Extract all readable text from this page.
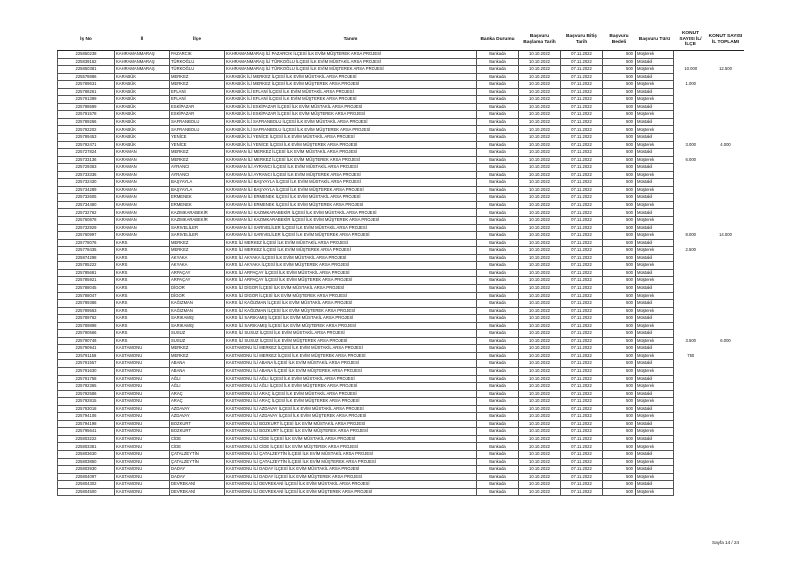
İş No	İl	İlçe	Tanım	Banka Durumu	Başvuru Başlama Tarih	Başvuru Bitiş Tarih	Başvuru Bedeli	Başvuru Türü	KONUT SAYISI İL/İLÇE	KONUT SAYISI İL TOPLAMI
225850238	KAHRAMANMARAŞ	PAZARCIK	KAHRAMANMARAŞ İLİ PAZARCIK İLÇESİ İLK EVİM MÜŞTEREK ARSA PROJESİ	Bankada	10.10.2022	07.11.2022	500	Müşterek		
225839162	KAHRAMANMARAŞ	TÜRKOĞLU	KAHRAMANMARAŞ İLİ TÜRKOĞLU İLÇESİ İLK EVİM MÜSTAKİL ARSA PROJESİ	Bankada	10.10.2022	07.11.2022	500	Müstakil		
225850381	KAHRAMANMARAŞ	TÜRKOĞLU	KAHRAMANMARAŞ İLİ TÜRKOĞLU İLÇESİ İLK EVİM MÜŞTEREK ARSA PROJESİ	Bankada	10.10.2022	07.11.2022	500	Müşterek	10.000	12.500
225578886	KARABÜK	MERKEZ	KARABÜK İLİ MERKEZ İLÇESİ İLK EVİM MÜSTAKİL ARSA PROJESİ	Bankada	10.10.2022	07.11.2022	500	Müstakil		
225789631	KARABÜK	MERKEZ	KARABÜK İLİ MERKEZ İLÇESİ İLK EVİM MÜŞTEREK ARSA PROJESİ	Bankada	10.10.2022	07.11.2022	500	Müşterek	1.000	
225788261	KARABÜK	EFLANİ	KARABÜK İLİ EFLANİ İLÇESİ İLK EVİM MÜSTAKİL ARSA PROJESİ	Bankada	10.10.2022	07.11.2022	500	Müstakil		
225791399	KARABÜK	EFLANİ	KARABÜK İLİ EFLANİ İLÇESİ İLK EVİM MÜŞTEREK ARSA PROJESİ	Bankada	10.10.2022	07.11.2022	500	Müşterek		
225788699	KARABÜK	ESKİPAZAR	KARABÜK İLİ ESKİPAZAR İLÇESİ İLK EVİM MÜSTAKİL ARSA PROJESİ	Bankada	10.10.2022	07.11.2022	500	Müstakil		
225791578	KARABÜK	ESKİPAZAR	KARABÜK İLİ ESKİPAZAR İLÇESİ İLK EVİM MÜŞTEREK ARSA PROJESİ	Bankada	10.10.2022	07.11.2022	500	Müşterek		
225789266	KARABÜK	SAFRANBOLU	KARABÜK İLİ SAFRANBOLU İLÇESİ İLK EVİM MÜSTAKİL ARSA PROJESİ	Bankada	10.10.2022	07.11.2022	500	Müstakil		
225792202	KARABÜK	SAFRANBOLU	KARABÜK İLİ SAFRANBOLU İLÇESİ İLK EVİM MÜŞTEREK ARSA PROJESİ	Bankada	10.10.2022	07.11.2022	500	Müşterek		
225789453	KARABÜK	YENİCE	KARABÜK İLİ YENİCE İLÇESİ İLK EVİM MÜSTAKİL ARSA PROJESİ	Bankada	10.10.2022	07.11.2022	500	Müstakil		
225792471	KARABÜK	YENİCE	KARABÜK İLİ YENİCE İLÇESİ İLK EVİM MÜŞTEREK ARSA PROJESİ	Bankada	10.10.2022	07.11.2022	500	Müşterek	3.000	4.000
225727824	KARAMAN	MERKEZ	KARAMAN İLİ MERKEZ İLÇESİ İLK EVİM MÜSTAKİL ARSA PROJESİ	Bankada	10.10.2022	07.11.2022	500	Müstakil		
225733136	KARAMAN	MERKEZ	KARAMAN İLİ MERKEZ İLÇESİ İLK EVİM MÜŞTEREK ARSA PROJESİ	Bankada	10.10.2022	07.11.2022	500	Müşterek	6.000	
225729363	KARAMAN	AYRANCI	KARAMAN İLİ AYRANCI İLÇESİ İLK EVİM MÜSTAKİL ARSA PROJESİ	Bankada	10.10.2022	07.11.2022	500	Müstakil		
225733336	KARAMAN	AYRANCI	KARAMAN İLİ AYRANCI İLÇESİ İLK EVİM MÜŞTEREK ARSA PROJESİ	Bankada	10.10.2022	07.11.2022	500	Müşterek		
225732430	KARAMAN	BAŞYAYLA	KARAMAN İLİ BAŞYAYLA İLÇESİ İLK EVİM MÜSTAKİL ARSA PROJESİ	Bankada	10.10.2022	07.11.2022	500	Müstakil		
225734289	KARAMAN	BAŞYAYLA	KARAMAN İLİ BAŞYAYLA İLÇESİ İLK EVİM MÜŞTEREK ARSA PROJESİ	Bankada	10.10.2022	07.11.2022	500	Müşterek		
225732605	KARAMAN	ERMENEK	KARAMAN İLİ ERMENEK İLÇESİ İLK EVİM MÜSTAKİL ARSA PROJESİ	Bankada	10.10.2022	07.11.2022	500	Müstakil		
225734480	KARAMAN	ERMENEK	KARAMAN İLİ ERMENEK İLÇESİ İLK EVİM MÜŞTEREK ARSA PROJESİ	Bankada	10.10.2022	07.11.2022	500	Müşterek		
225732762	KARAMAN	KAZIMKARABEKİR	KARAMAN İLİ KAZIMKARABEKİR İLÇESİ İLK EVİM MÜSTAKİL ARSA PROJESİ	Bankada	10.10.2022	07.11.2022	500	Müstakil		
225760878	KARAMAN	KAZIMKARABEKİR	KARAMAN İLİ KAZIMKARABEKİR İLÇESİ İLK EVİM MÜŞTEREK ARSA PROJESİ	Bankada	10.10.2022	07.11.2022	500	Müşterek		
225732929	KARAMAN	SARIVELİLER	KARAMAN İLİ SARIVELİLER İLÇESİ İLK EVİM MÜSTAKİL ARSA PROJESİ	Bankada	10.10.2022	07.11.2022	500	Müstakil		
225760997	KARAMAN	SARIVELİLER	KARAMAN İLİ SARIVELİLER İLÇESİ İLK EVİM MÜŞTEREK ARSA PROJESİ	Bankada	10.10.2022	07.11.2022	500	Müşterek	8.000	14.000
225778076	KARS	MERKEZ	KARS İLİ MERKEZ İLÇESİ İLK EVİM MÜSTAKİL ARSA PROJESİ	Bankada	10.10.2022	07.11.2022	500	Müstakil		
225778435	KARS	MERKEZ	KARS İLİ MERKEZ İLÇESİ İLK EVİM MÜŞTEREK ARSA PROJESİ	Bankada	10.10.2022	07.11.2022	500	Müşterek	2.500	
225874298	KARS	AKYAKA	KARS İLİ AKYAKA İLÇESİ İLK EVİM MÜSTAKİL ARSA PROJESİ	Bankada	10.10.2022	07.11.2022	500	Müstakil		
225785222	KARS	AKYAKA	KARS İLİ AKYAKA İLÇESİ İLK EVİM MÜŞTEREK ARSA PROJESİ	Bankada	10.10.2022	07.11.2022	500	Müşterek		
225785681	KARS	ARPAÇAY	KARS İLİ ARPAÇAY İLÇESİ İLK EVİM MÜSTAKİL ARSA PROJESİ	Bankada	10.10.2022	07.11.2022	500	Müstakil		
225785921	KARS	ARPAÇAY	KARS İLİ ARPAÇAY İLÇESİ İLK EVİM MÜŞTEREK ARSA PROJESİ	Bankada	10.10.2022	07.11.2022	500	Müşterek		
225788045	KARS	DİGOR	KARS İLİ DİGOR İLÇESİ İLK EVİM MÜSTAKİL ARSA PROJESİ	Bankada	10.10.2022	07.11.2022	500	Müstakil		
225788047	KARS	DİGOR	KARS İLİ DİGOR İLÇESİ İLK EVİM MÜŞTEREK ARSA PROJESİ	Bankada	10.10.2022	07.11.2022	500	Müşterek		
225789388	KARS	KAĞIZMAN	KARS İLİ KAĞIZMAN İLÇESİ İLK EVİM MÜSTAKİL ARSA PROJESİ	Bankada	10.10.2022	07.11.2022	500	Müstakil		
225789563	KARS	KAĞIZMAN	KARS İLİ KAĞIZMAN İLÇESİ İLK EVİM MÜŞTEREK ARSA PROJESİ	Bankada	10.10.2022	07.11.2022	500	Müşterek		
225789762	KARS	SARIKAMIŞ	KARS İLİ SARIKAMIŞ İLÇESİ İLK EVİM MÜSTAKİL ARSA PROJESİ	Bankada	10.10.2022	07.11.2022	500	Müstakil		
225789898	KARS	SARIKAMIŞ	KARS İLİ SARIKAMIŞ İLÇESİ İLK EVİM MÜŞTEREK ARSA PROJESİ	Bankada	10.10.2022	07.11.2022	500	Müşterek		
225790566	KARS	SUSUZ	KARS İLİ SUSUZ İLÇESİ İLK EVİM MÜSTAKİL ARSA PROJESİ	Bankada	10.10.2022	07.11.2022	500	Müstakil		
225790746	KARS	SUSUZ	KARS İLİ SUSUZ İLÇESİ İLK EVİM MÜŞTEREK ARSA PROJESİ	Bankada	10.10.2022	07.11.2022	500	Müşterek	3.500	6.000
225790941	KASTAMONU	MERKEZ	KASTAMONU İLİ MERKEZ İLÇESİ İLK EVİM MÜSTAKİL ARSA PROJESİ	Bankada	10.10.2022	07.11.2022	500	Müstakil		
225791158	KASTAMONU	MERKEZ	KASTAMONU İLİ MERKEZ İLÇESİ İLK EVİM MÜŞTEREK ARSA PROJESİ	Bankada	10.10.2022	07.11.2022	500	Müşterek	750	
225791557	KASTAMONU	ABANA	KASTAMONU İLİ ABANA İLÇESİ İLK EVİM MÜSTAKİL ARSA PROJESİ	Bankada	10.10.2022	07.11.2022	500	Müstakil		
225791630	KASTAMONU	ABANA	KASTAMONU İLİ ABANA İLÇESİ İLK EVİM MÜŞTEREK ARSA PROJESİ	Bankada	10.10.2022	07.11.2022	500	Müşterek		
225791758	KASTAMONU	AĞLI	KASTAMONU İLİ AĞLI İLÇESİ İLK EVİM MÜSTAKİL ARSA PROJESİ	Bankada	10.10.2022	07.11.2022	500	Müstakil		
225792365	KASTAMONU	AĞLI	KASTAMONU İLİ AĞLI İLÇESİ İLK EVİM MÜŞTEREK ARSA PROJESİ	Bankada	10.10.2022	07.11.2022	500	Müşterek		
225792586	KASTAMONU	ARAÇ	KASTAMONU İLİ ARAÇ İLÇESİ İLK EVİM MÜSTAKİL ARSA PROJESİ	Bankada	10.10.2022	07.11.2022	500	Müstakil		
225792815	KASTAMONU	ARAÇ	KASTAMONU İLİ ARAÇ İLÇESİ İLK EVİM MÜŞTEREK ARSA PROJESİ	Bankada	10.10.2022	07.11.2022	500	Müşterek		
225793018	KASTAMONU	AZDAVAY	KASTAMONU İLİ AZDAVAY İLÇESİ İLK EVİM MÜSTAKİL ARSA PROJESİ	Bankada	10.10.2022	07.11.2022	500	Müstakil		
225794106	KASTAMONU	AZDAVAY	KASTAMONU İLİ AZDAVAY İLÇESİ İLK EVİM MÜŞTEREK ARSA PROJESİ	Bankada	10.10.2022	07.11.2022	500	Müşterek		
225794198	KASTAMONU	BOZKURT	KASTAMONU İLİ BOZKURT İLÇESİ İLK EVİM MÜSTAKİL ARSA PROJESİ	Bankada	10.10.2022	07.11.2022	500	Müstakil		
225795641	KASTAMONU	BOZKURT	KASTAMONU İLİ BOZKURT İLÇESİ İLK EVİM MÜŞTEREK ARSA PROJESİ	Bankada	10.10.2022	07.11.2022	500	Müşterek		
225803222	KASTAMONU	CİDE	KASTAMONU İLİ CİDE İLÇESİ İLK EVİM MÜSTAKİL ARSA PROJESİ	Bankada	10.10.2022	07.11.2022	500	Müstakil		
225803381	KASTAMONU	CİDE	KASTAMONU İLİ CİDE İLÇESİ İLK EVİM MÜŞTEREK ARSA PROJESİ	Bankada	10.10.2022	07.11.2022	500	Müşterek		
225803630	KASTAMONU	ÇATALZEYTİN	KASTAMONU İLİ ÇATALZEYTİN İLÇESİ İLK EVİM MÜSTAKİL ARSA PROJESİ	Bankada	10.10.2022	07.11.2022	500	Müstakil		
225803850	KASTAMONU	ÇATALZEYTİN	KASTAMONU İLİ ÇATALZEYTİN İLÇESİ İLK EVİM MÜŞTEREK ARSA PROJESİ	Bankada	10.10.2022	07.11.2022	500	Müşterek		
225803930	KASTAMONU	DADAY	KASTAMONU İLİ DADAY İLÇESİ İLK EVİM MÜSTAKİL ARSA PROJESİ	Bankada	10.10.2022	07.11.2022	500	Müstakil		
225804097	KASTAMONU	DADAY	KASTAMONU İLİ DADAY İLÇESİ İLK EVİM MÜŞTEREK ARSA PROJESİ	Bankada	10.10.2022	07.11.2022	500	Müşterek		
225804302	KASTAMONU	DEVREKANİ	KASTAMONU İLİ DEVREKANİ İLÇESİ İLK EVİM MÜSTAKİL ARSA PROJESİ	Bankada	10.10.2022	07.11.2022	500	Müstakil		
225804500	KASTAMONU	DEVREKANİ	KASTAMONU İLİ DEVREKANİ İLÇESİ İLK EVİM MÜŞTEREK ARSA PROJESİ	Bankada	10.10.2022	07.11.2022	500	Müşterek		
Sayfa 14 / 24
